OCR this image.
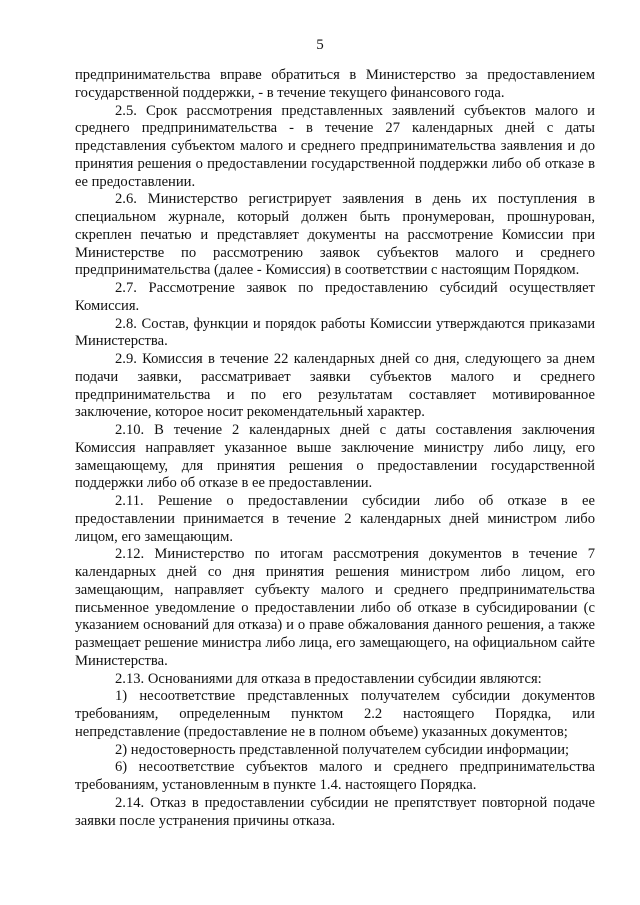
5

предпринимательства вправе обратиться в Министерство за предоставлением государственной поддержки, - в течение текущего финансового года.

2.5. Срок рассмотрения представленных заявлений субъектов малого и среднего предпринимательства - в течение 27 календарных дней с даты представления субъектом малого и среднего предпринимательства заявления и до принятия решения о предоставлении государственной поддержки либо об отказе в ее предоставлении.

2.6. Министерство регистрирует заявления в день их поступления в специальном журнале, который должен быть пронумерован, прошнурован, скреплен печатью и представляет документы на рассмотрение Комиссии при Министерстве по рассмотрению заявок субъектов малого и среднего предпринимательства (далее - Комиссия) в соответствии с настоящим Порядком.

2.7. Рассмотрение заявок по предоставлению субсидий осуществляет Комиссия.

2.8. Состав, функции и порядок работы Комиссии утверждаются приказами Министерства.

2.9. Комиссия в течение 22 календарных дней со дня, следующего за днем подачи заявки, рассматривает заявки субъектов малого и среднего предпринимательства и по его результатам составляет мотивированное заключение, которое носит рекомендательный характер.

2.10. В течение 2 календарных дней с даты составления заключения Комиссия направляет указанное выше заключение министру либо лицу, его замещающему, для принятия решения о предоставлении государственной поддержки либо об отказе в ее предоставлении.

2.11. Решение о предоставлении субсидии либо об отказе в ее предоставлении принимается в течение 2 календарных дней министром либо лицом, его замещающим.

2.12. Министерство по итогам рассмотрения документов в течение 7 календарных дней со дня принятия решения министром либо лицом, его замещающим, направляет субъекту малого и среднего предпринимательства письменное уведомление о предоставлении либо об отказе в субсидировании (с указанием оснований для отказа) и о праве обжалования данного решения, а также размещает решение министра либо лица, его замещающего, на официальном сайте Министерства.

2.13. Основаниями для отказа в предоставлении субсидии являются:

1) несоответствие представленных получателем субсидии документов требованиям, определенным пунктом 2.2 настоящего Порядка, или непредставление (предоставление не в полном объеме) указанных документов;

2) недостоверность представленной получателем субсидии информации;

6) несоответствие субъектов малого и среднего предпринимательства требованиям, установленным в пункте 1.4. настоящего Порядка.

2.14. Отказ в предоставлении субсидии не препятствует повторной подаче заявки после устранения причины отказа.
